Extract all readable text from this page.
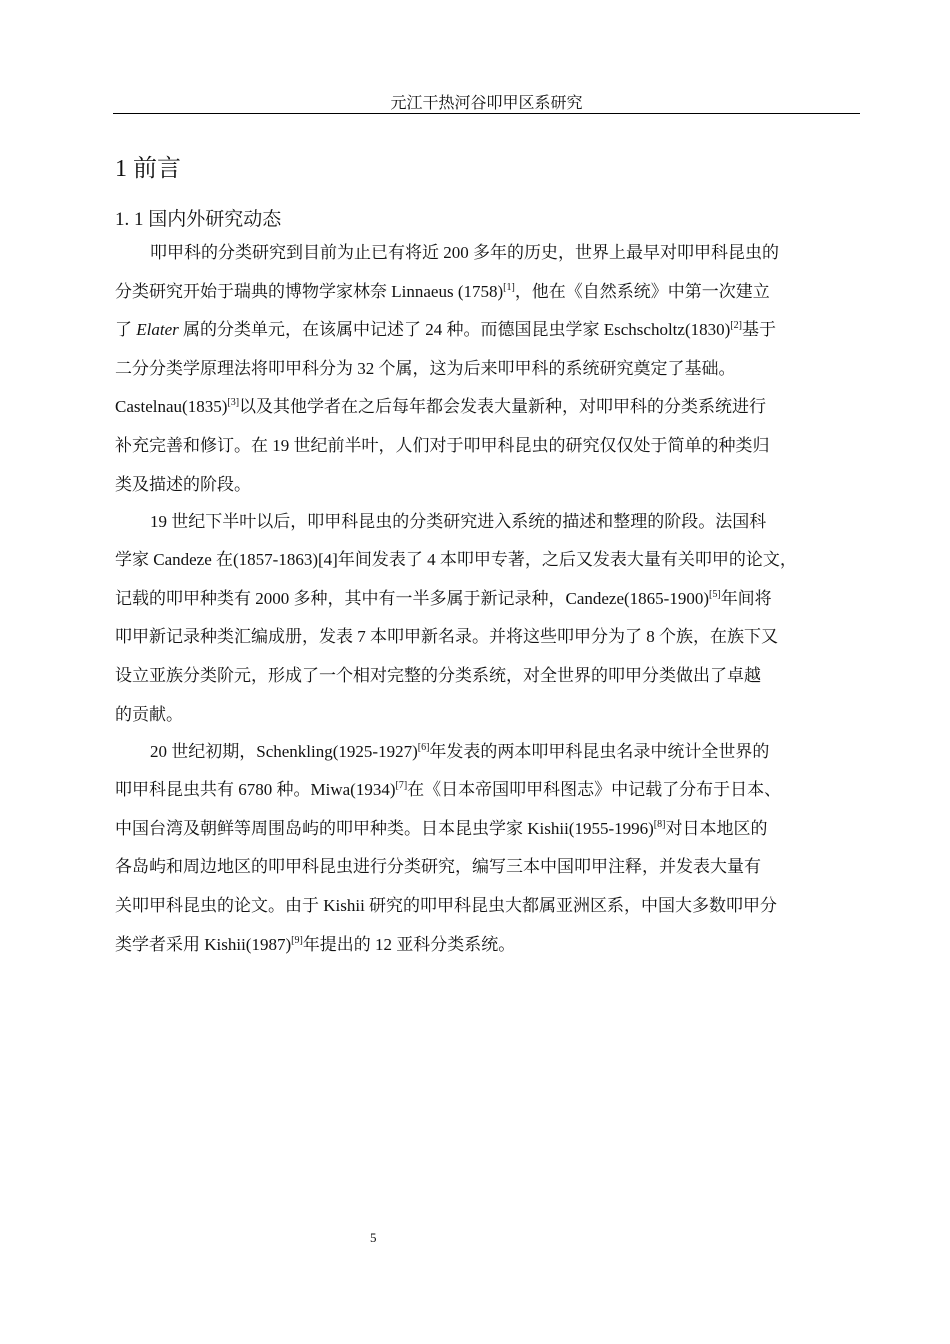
元江干热河谷叩甲区系研究
1 前言
1. 1 国内外研究动态
叩甲科的分类研究到目前为止已有将近 200 多年的历史，世界上最早对叩甲科昆虫的
分类研究开始于瑞典的博物学家林奈 Linnaeus (1758)[1]，他在《自然系统》中第一次建立
了 Elater 属的分类单元，在该属中记述了 24 种。而德国昆虫学家 Eschscholtz(1830)[2]基于
二分分类学原理法将叩甲科分为 32 个属，这为后来叩甲科的系统研究奠定了基础。
Castelnau(1835)[3]以及其他学者在之后每年都会发表大量新种，对叩甲科的分类系统进行
补充完善和修订。在 19 世纪前半叶，人们对于叩甲科昆虫的研究仅仅处于简单的种类归
类及描述的阶段。
19 世纪下半叶以后，叩甲科昆虫的分类研究进入系统的描述和整理的阶段。法国科
学家 Candeze 在(1857-1863)[4]年间发表了 4 本叩甲专著，之后又发表大量有关叩甲的论文，
记载的叩甲种类有 2000 多种，其中有一半多属于新记录种，Candeze(1865-1900)[5]年间将
叩甲新记录种类汇编成册，发表 7 本叩甲新名录。并将这些叩甲分为了 8 个族，在族下又
设立亚族分类阶元，形成了一个相对完整的分类系统，对全世界的叩甲分类做出了卓越
的贡献。
20 世纪初期，Schenkling(1925-1927)[6]年发表的两本叩甲科昆虫名录中统计全世界的
叩甲科昆虫共有 6780 种。Miwa(1934)[7]在《日本帝国叩甲科图志》中记载了分布于日本、
中国台湾及朝鲜等周围岛屿的叩甲种类。日本昆虫学家 Kishii(1955-1996)[8]对日本地区的
各岛屿和周边地区的叩甲科昆虫进行分类研究，编写三本中国叩甲注释，并发表大量有
关叩甲科昆虫的论文。由于 Kishii 研究的叩甲科昆虫大都属亚洲区系，中国大多数叩甲分
类学者采用 Kishii(1987)[9]年提出的 12 亚科分类系统。
5
